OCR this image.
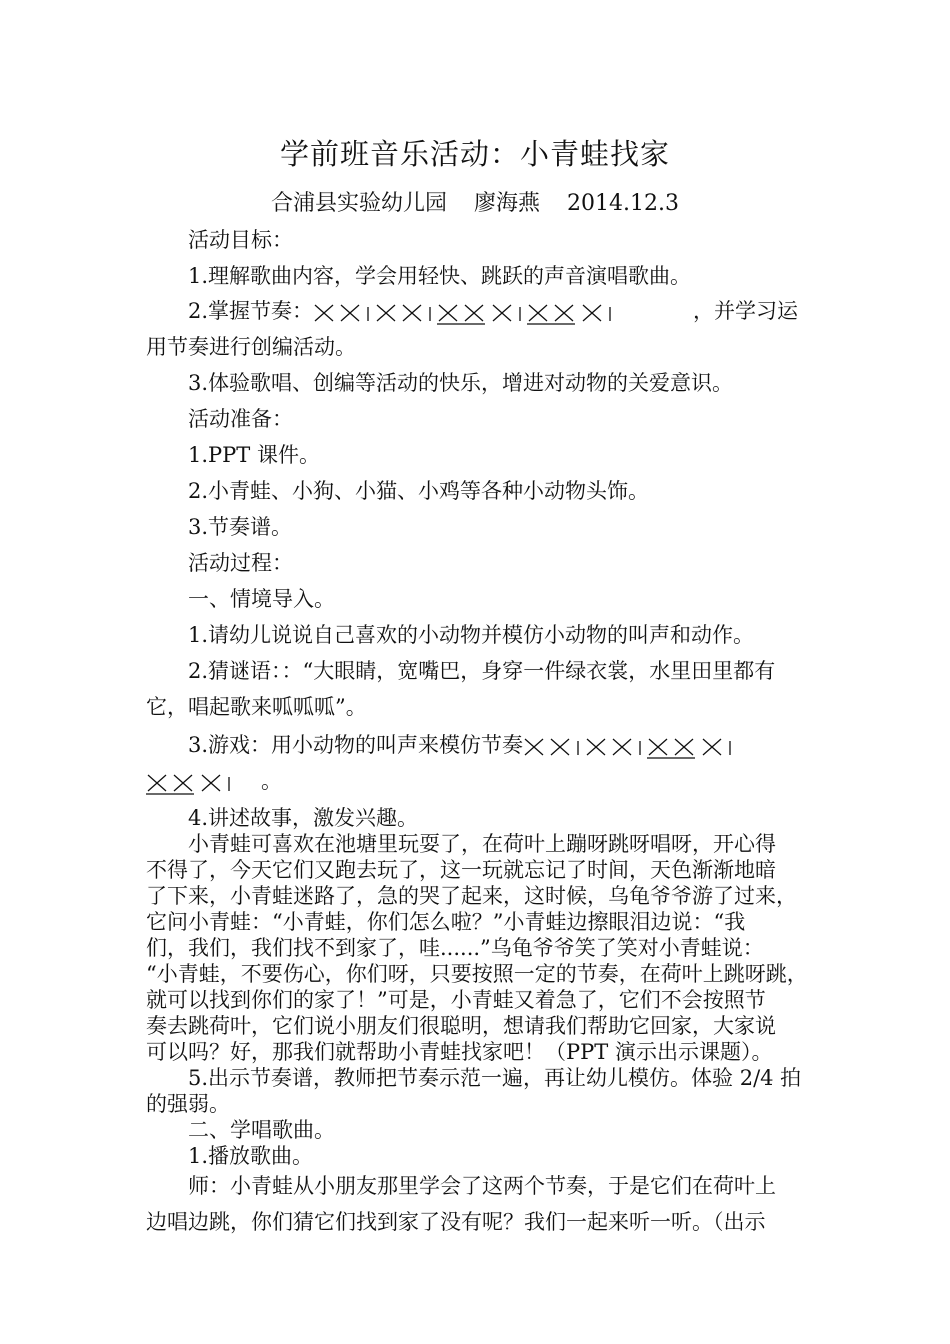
学前班音乐活动：小青蛙找家
合浦县实验幼儿园 廖海燕 2014.12.3
活动目标：
1.理解歌曲内容，学会用轻快、跳跃的声音演唱歌曲。
2.掌握节奏：	，并学习运
用节奏进行创编活动。
3.体验歌唱、创编等活动的快乐，增进对动物的关爱意识。
活动准备：
1.PPT 课件。
2.小青蛙、小狗、小猫、小鸡等各种小动物头饰。
3.节奏谱。
活动过程：
一、情境导入。
1.请幼儿说说自己喜欢的小动物并模仿小动物的叫声和动作。
2.猜谜语：：“大眼睛，宽嘴巴，身穿一件绿衣裳，水里田里都有
它，唱起歌来呱呱呱”。
3.游戏：用小动物的叫声来模仿节奏
。
4.讲述故事，激发兴趣。
小青蛙可喜欢在池塘里玩耍了，在荷叶上蹦呀跳呀唱呀，开心得
不得了，今天它们又跑去玩了，这一玩就忘记了时间，天色渐渐地暗
了下来，小青蛙迷路了，急的哭了起来，这时候，乌龟爷爷游了过来，
它问小青蛙：“小青蛙，你们怎么啦？”小青蛙边擦眼泪边说：“我
们，我们，我们找不到家了，哇......”乌龟爷爷笑了笑对小青蛙说：
“小青蛙，不要伤心，你们呀，只要按照一定的节奏，在荷叶上跳呀跳，
就可以找到你们的家了！”可是，小青蛙又着急了，它们不会按照节
奏去跳荷叶，它们说小朋友们很聪明，想请我们帮助它回家，大家说
可以吗？好，那我们就帮助小青蛙找家吧！（PPT 演示出示课题）。
5.出示节奏谱，教师把节奏示范一遍，再让幼儿模仿。体验 2/4 拍
的强弱。
二、学唱歌曲。
1.播放歌曲。
师：小青蛙从小朋友那里学会了这两个节奏，于是它们在荷叶上
边唱边跳，你们猜它们找到家了没有呢？我们一起来听一听。（出示
